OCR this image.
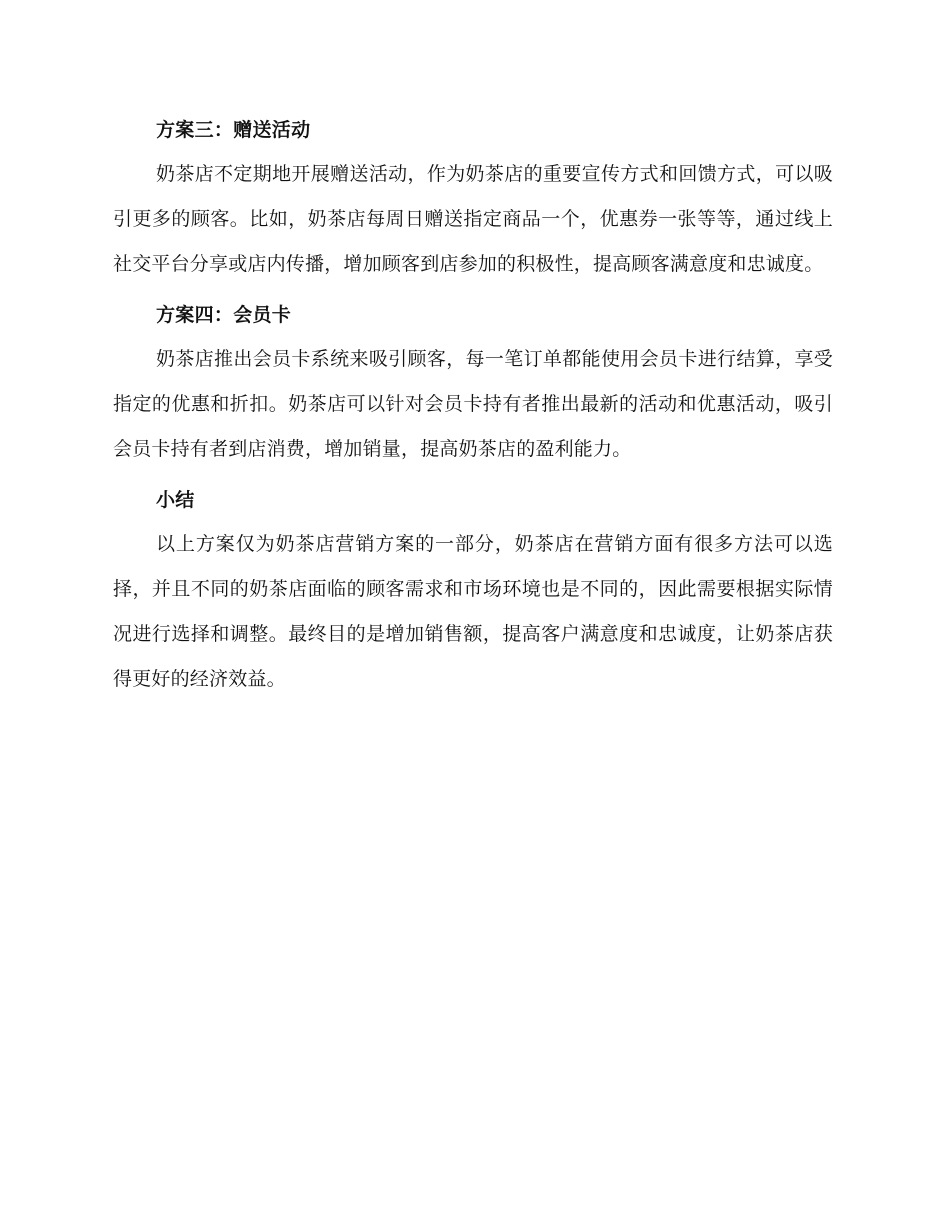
方案三：赠送活动

奶茶店不定期地开展赠送活动，作为奶茶店的重要宣传方式和回馈方式，可以吸引更多的顾客。比如，奶茶店每周日赠送指定商品一个，优惠券一张等等，通过线上社交平台分享或店内传播，增加顾客到店参加的积极性，提高顾客满意度和忠诚度。

方案四：会员卡

奶茶店推出会员卡系统来吸引顾客，每一笔订单都能使用会员卡进行结算，享受指定的优惠和折扣。奶茶店可以针对会员卡持有者推出最新的活动和优惠活动，吸引会员卡持有者到店消费，增加销量，提高奶茶店的盈利能力。

小结

以上方案仅为奶茶店营销方案的一部分，奶茶店在营销方面有很多方法可以选择，并且不同的奶茶店面临的顾客需求和市场环境也是不同的，因此需要根据实际情况进行选择和调整。最终目的是增加销售额，提高客户满意度和忠诚度，让奶茶店获得更好的经济效益。
